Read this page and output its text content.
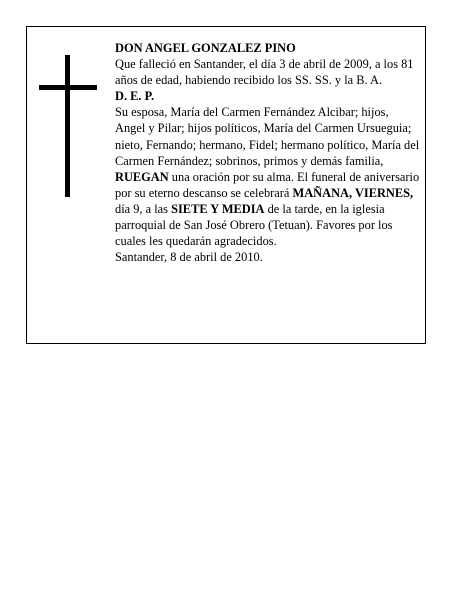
DON ANGEL GONZALEZ PINO

Que falleció en Santander, el día 3 de abril de 2009, a los 81 años de edad, habiendo recibido los SS. SS. y la B. A.

D. E. P.

Su esposa, María del Carmen Fernández Alcibar; hijos, Angel y Pilar; hijos políticos, María del Carmen Ursueguia; nieto, Fernando; hermano, Fidel; hermano político, María del Carmen Fernández; sobrinos, primos y demás familia,

RUEGAN una oración por su alma. El funeral de aniversario por su eterno descanso se celebrará MAÑANA, VIERNES, día 9, a las SIETE Y MEDIA de la tarde, en la iglesia parroquial de San José Obrero (Tetuan). Favores por los cuales les quedarán agradecidos.

Santander, 8 de abril de 2010.
